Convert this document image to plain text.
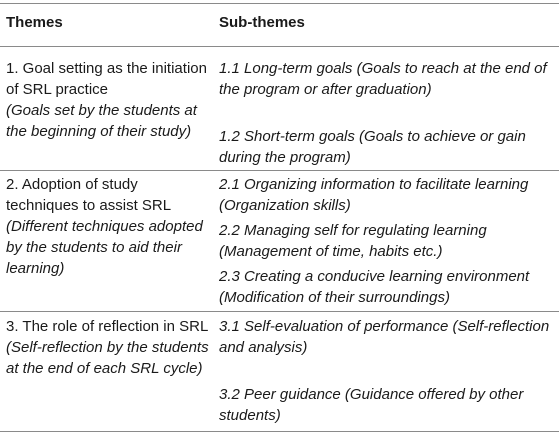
Themes	Sub-themes
1. Goal setting as the initiation of SRL practice
(Goals set by the students at the beginning of their study)
1.1 Long-term goals (Goals to reach at the end of the program or after graduation)
1.2 Short-term goals (Goals to achieve or gain during the program)
2. Adoption of study techniques to assist SRL
(Different techniques adopted by the students to aid their learning)
2.1 Organizing information to facilitate learning (Organization skills)
2.2 Managing self for regulating learning (Management of time, habits etc.)
2.3 Creating a conducive learning environment (Modification of their surroundings)
3. The role of reflection in SRL
(Self-reflection by the students at the end of each SRL cycle)
3.1 Self-evaluation of performance (Self-reflection and analysis)
3.2 Peer guidance (Guidance offered by other students)
